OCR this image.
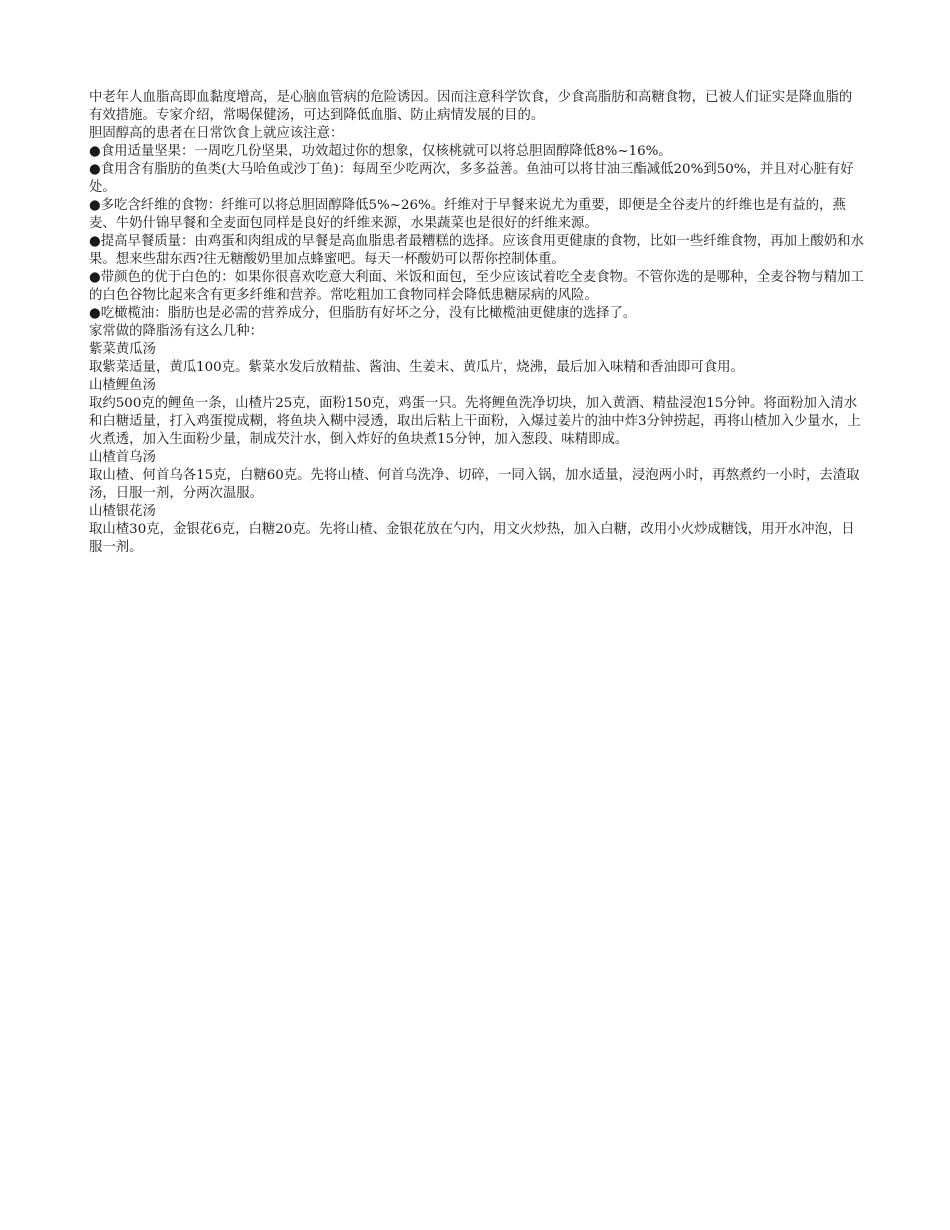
中老年人血脂高即血黏度增高，是心脑血管病的危险诱因。因而注意科学饮食，少食高脂肪和高糖食物，已被人们证实是降血脂的有效措施。专家介绍，常喝保健汤，可达到降低血脂、防止病情发展的目的。

胆固醇高的患者在日常饮食上就应该注意：

●食用适量坚果：一周吃几份坚果，功效超过你的想象，仅核桃就可以将总胆固醇降低8%~16%。

●食用含有脂肪的鱼类(大马哈鱼或沙丁鱼)：每周至少吃两次，多多益善。鱼油可以将甘油三酯减低20%到50%，并且对心脏有好处。

●多吃含纤维的食物：纤维可以将总胆固醇降低5%~26%。纤维对于早餐来说尤为重要，即便是全谷麦片的纤维也是有益的，燕麦、牛奶什锦早餐和全麦面包同样是良好的纤维来源，水果蔬菜也是很好的纤维来源。

●提高早餐质量：由鸡蛋和肉组成的早餐是高血脂患者最糟糕的选择。应该食用更健康的食物，比如一些纤维食物，再加上酸奶和水果。想来些甜东西?往无糖酸奶里加点蜂蜜吧。每天一杯酸奶可以帮你控制体重。

●带颜色的优于白色的：如果你很喜欢吃意大利面、米饭和面包，至少应该试着吃全麦食物。不管你选的是哪种，全麦谷物与精加工的白色谷物比起来含有更多纤维和营养。常吃粗加工食物同样会降低患糖尿病的风险。

●吃橄榄油：脂肪也是必需的营养成分，但脂肪有好坏之分，没有比橄榄油更健康的选择了。

家常做的降脂汤有这么几种：

紫菜黄瓜汤

取紫菜适量，黄瓜100克。紫菜水发后放精盐、酱油、生姜末、黄瓜片，烧沸，最后加入味精和香油即可食用。

山楂鲤鱼汤

取约500克的鲤鱼一条，山楂片25克，面粉150克，鸡蛋一只。先将鲤鱼洗净切块，加入黄酒、精盐浸泡15分钟。将面粉加入清水和白糖适量，打入鸡蛋搅成糊，将鱼块入糊中浸透，取出后粘上干面粉，入爆过姜片的油中炸3分钟捞起，再将山楂加入少量水，上火煮透，加入生面粉少量，制成芡汁水，倒入炸好的鱼块煮15分钟，加入葱段、味精即成。

山楂首乌汤

取山楂、何首乌各15克，白糖60克。先将山楂、何首乌洗净、切碎，一同入锅，加水适量，浸泡两小时，再熬煮约一小时，去渣取汤，日服一剂，分两次温服。

山楂银花汤

取山楂30克，金银花6克，白糖20克。先将山楂、金银花放在勺内，用文火炒热，加入白糖，改用小火炒成糖饯，用开水冲泡，日服一剂。
